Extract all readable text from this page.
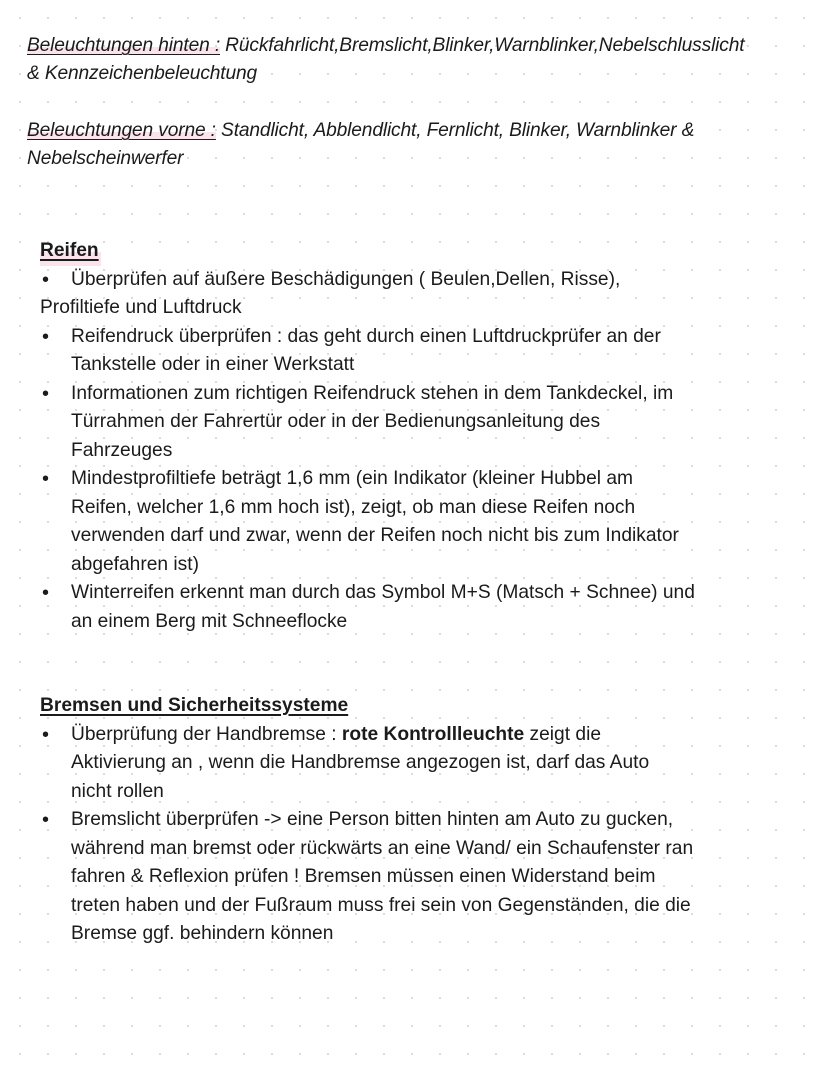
Beleuchtungen hinten : Rückfahrlicht,Bremslicht,Blinker,Warnblinker,Nebelschlusslicht
& Kennzeichenbeleuchtung
Beleuchtungen vorne : Standlicht, Abblendlicht, Fernlicht, Blinker, Warnblinker &
Nebelscheinwerfer
Reifen
• Überprüfen auf äußere Beschädigungen ( Beulen,Dellen, Risse),
Profiltiefe und Luftdruck
• Reifendruck überprüfen : das geht durch einen Luftdruckprüfer an der
Tankstelle oder in einer Werkstatt
• Informationen zum richtigen Reifendruck stehen in dem Tankdeckel, im
Türrahmen der Fahrertür oder in der Bedienungsanleitung des
Fahrzeuges
• Mindestprofiltiefe beträgt 1,6 mm (ein Indikator (kleiner Hubbel am
Reifen, welcher 1,6 mm hoch ist), zeigt, ob man diese Reifen noch
verwenden darf und zwar, wenn der Reifen noch nicht bis zum Indikator
abgefahren ist)
• Winterreifen erkennt man durch das Symbol M+S (Matsch + Schnee) und
an einem Berg mit Schneeflocke
Bremsen und Sicherheitssysteme
• Überprüfung der Handbremse : rote Kontrollleuchte zeigt die
Aktivierung an , wenn die Handbremse angezogen ist, darf das Auto
nicht rollen
• Bremslicht überprüfen -> eine Person bitten hinten am Auto zu gucken,
während man bremst oder rückwärts an eine Wand/ ein Schaufenster ran
fahren & Reflexion prüfen ! Bremsen müssen einen Widerstand beim
treten haben und der Fußraum muss frei sein von Gegenständen, die die
Bremse ggf. behindern können
